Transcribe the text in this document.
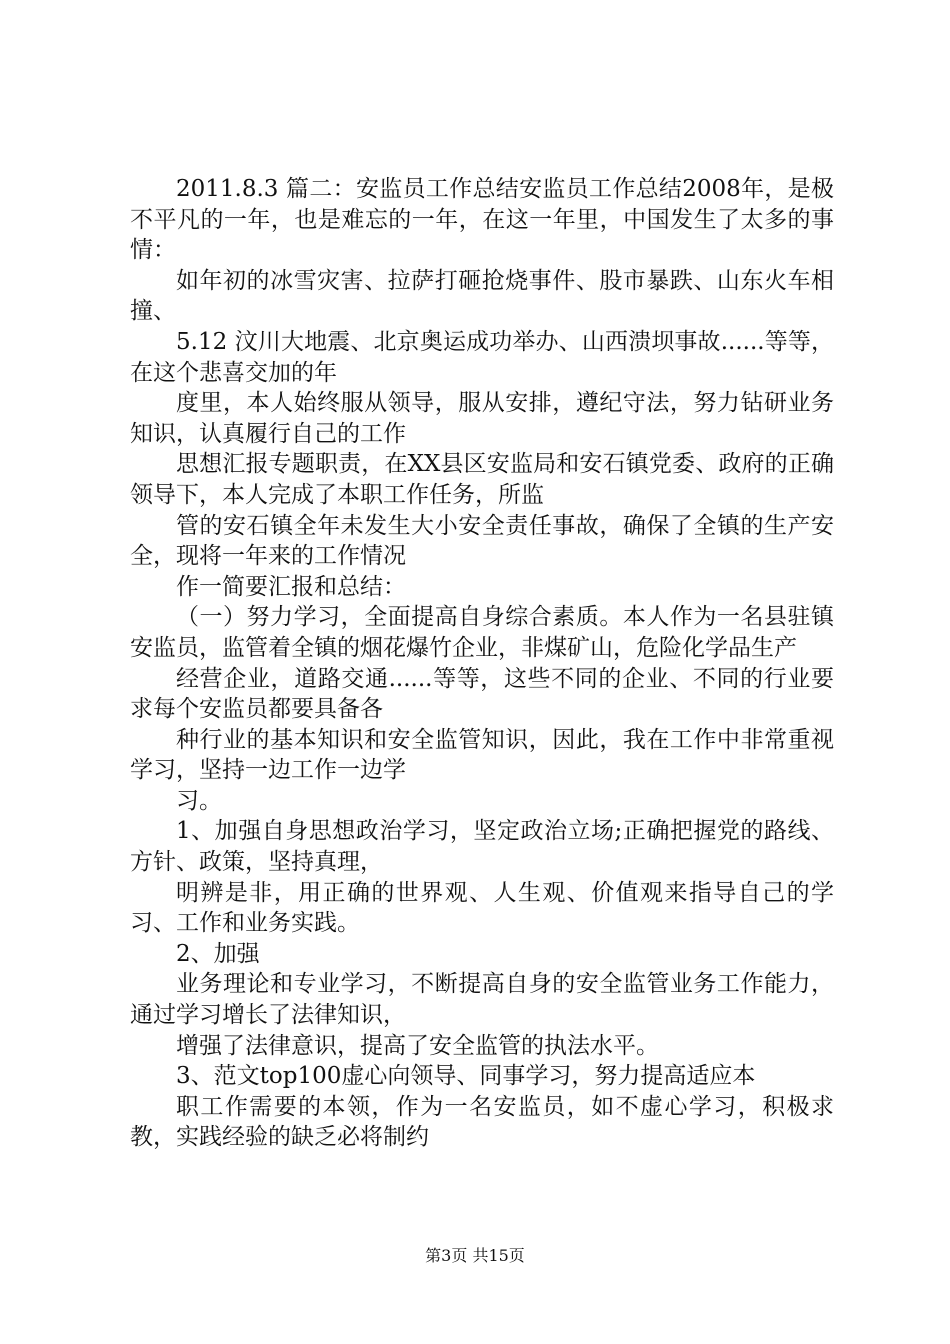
2011.8.3 篇二：安监员工作总结安监员工作总结2008年，是极不平凡的一年，也是难忘的一年，在这一年里，中国发生了太多的事情：

如年初的冰雪灾害、拉萨打砸抢烧事件、股市暴跌、山东火车相撞、

5.12 汶川大地震、北京奥运成功举办、山西溃坝事故......等等，在这个悲喜交加的年

度里，本人始终服从领导，服从安排，遵纪守法，努力钻研业务知识，认真履行自己的工作

思想汇报专题职责，在XX县区安监局和安石镇党委、政府的正确领导下，本人完成了本职工作任务，所监

管的安石镇全年未发生大小安全责任事故，确保了全镇的生产安全，现将一年来的工作情况

作一简要汇报和总结：

（一）努力学习，全面提高自身综合素质。本人作为一名县驻镇安监员，监管着全镇的烟花爆竹企业，非煤矿山，危险化学品生产

经营企业，道路交通......等等，这些不同的企业、不同的行业要求每个安监员都要具备各

种行业的基本知识和安全监管知识，因此，我在工作中非常重视学习，坚持一边工作一边学

习。

1、加强自身思想政治学习，坚定政治立场;正确把握党的路线、方针、政策，坚持真理，

明辨是非，用正确的世界观、人生观、价值观来指导自己的学习、工作和业务实践。

2、加强

业务理论和专业学习，不断提高自身的安全监管业务工作能力，通过学习增长了法律知识，

增强了法律意识，提高了安全监管的执法水平。

3、范文top100虚心向领导、同事学习，努力提高适应本

职工作需要的本领，作为一名安监员，如不虚心学习，积极求教，实践经验的缺乏必将制约

第3页 共15页
